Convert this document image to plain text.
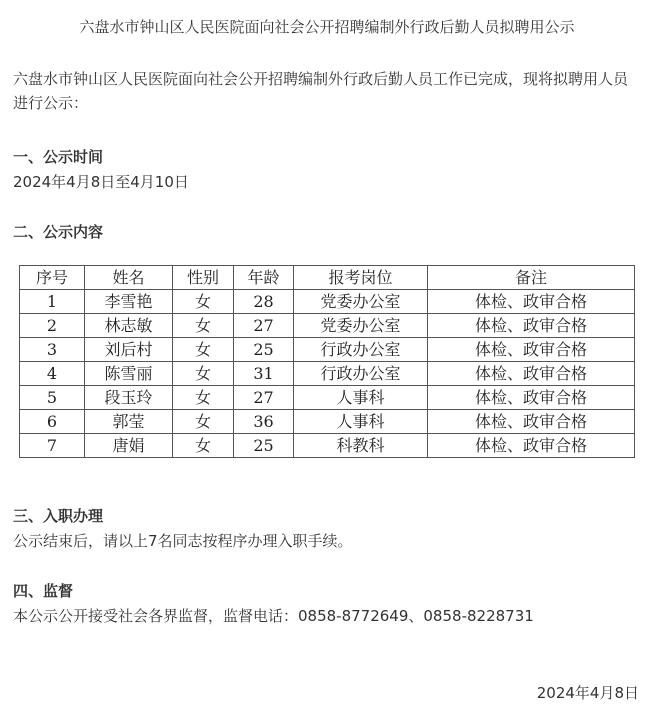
六盘水市钟山区人民医院面向社会公开招聘编制外行政后勤人员拟聘用公示
六盘水市钟山区人民医院面向社会公开招聘编制外行政后勤人员工作已完成，现将拟聘用人员进行公示：
一、公示时间
2024年4月8日至4月10日
二、公示内容
序号	姓名	性别	年龄	报考岗位	备注
1	李雪艳	女	28	党委办公室	体检、政审合格
2	林志敏	女	27	党委办公室	体检、政审合格
3	刘后村	女	25	行政办公室	体检、政审合格
4	陈雪丽	女	31	行政办公室	体检、政审合格
5	段玉玲	女	27	人事科	体检、政审合格
6	郭莹	女	36	人事科	体检、政审合格
7	唐娟	女	25	科教科	体检、政审合格
三、入职办理
公示结束后，请以上7名同志按程序办理入职手续。
四、监督
本公示公开接受社会各界监督，监督电话：0858-8772649、0858-8228731
2024年4月8日
